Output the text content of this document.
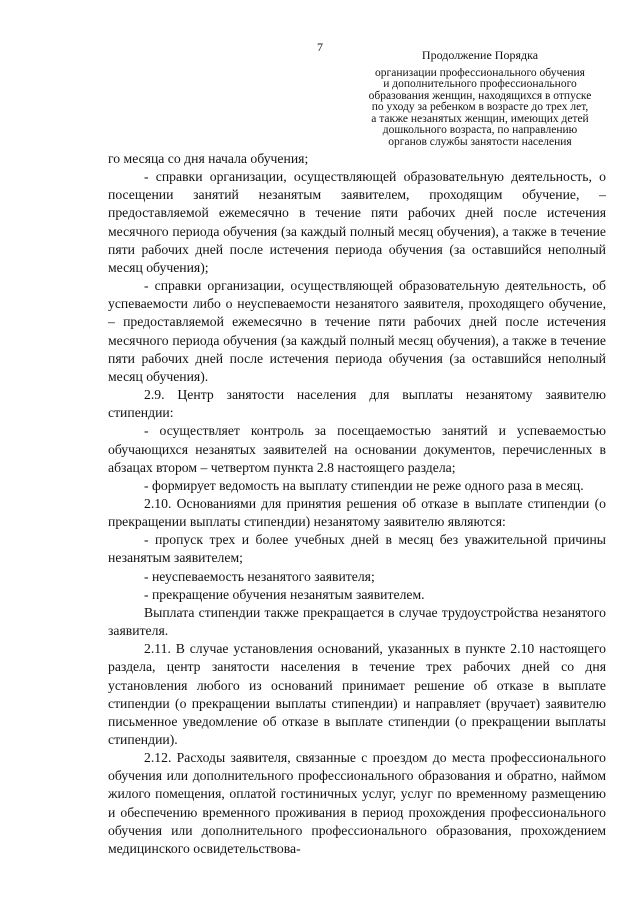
7
Продолжение Порядка
организации профессионального обучения
и дополнительного профессионального
образования женщин, находящихся в отпуске
по уходу за ребенком в возрасте до трех лет,
а также незанятых женщин, имеющих детей
дошкольного возраста, по направлению
органов службы занятости населения

го месяца со дня начала обучения;

- справки организации, осуществляющей образовательную деятельность, о посещении занятий незанятым заявителем, проходящим обучение, – предоставляемой ежемесячно в течение пяти рабочих дней после истечения месячного периода обучения (за каждый полный месяц обучения), а также в течение пяти рабочих дней после истечения периода обучения (за оставшийся неполный месяц обучения);

- справки организации, осуществляющей образовательную деятельность, об успеваемости либо о неуспеваемости незанятого заявителя, проходящего обучение, – предоставляемой ежемесячно в течение пяти рабочих дней после истечения месячного периода обучения (за каждый полный месяц обучения), а также в течение пяти рабочих дней после истечения периода обучения (за оставшийся неполный месяц обучения).

2.9. Центр занятости населения для выплаты незанятому заявителю стипендии:

- осуществляет контроль за посещаемостью занятий и успеваемостью обучающихся незанятых заявителей на основании документов, перечисленных в абзацах втором – четвертом пункта 2.8 настоящего раздела;

- формирует ведомость на выплату стипендии не реже одного раза в месяц.

2.10. Основаниями для принятия решения об отказе в выплате стипендии (о прекращении выплаты стипендии) незанятому заявителю являются:

- пропуск трех и более учебных дней в месяц без уважительной причины незанятым заявителем;

- неуспеваемость незанятого заявителя;

- прекращение обучения незанятым заявителем.

Выплата стипендии также прекращается в случае трудоустройства незанятого заявителя.

2.11. В случае установления оснований, указанных в пункте 2.10 настоящего раздела, центр занятости населения в течение трех рабочих дней со дня установления любого из оснований принимает решение об отказе в выплате стипендии (о прекращении выплаты стипендии) и направляет (вручает) заявителю письменное уведомление об отказе в выплате стипендии (о прекращении выплаты стипендии).

2.12. Расходы заявителя, связанные с проездом до места профессионального обучения или дополнительного профессионального образования и обратно, наймом жилого помещения, оплатой гостиничных услуг, услуг по временному размещению и обеспечению временного проживания в период прохождения профессионального обучения или дополнительного профессионального образования, прохождением медицинского освидетельствова-
